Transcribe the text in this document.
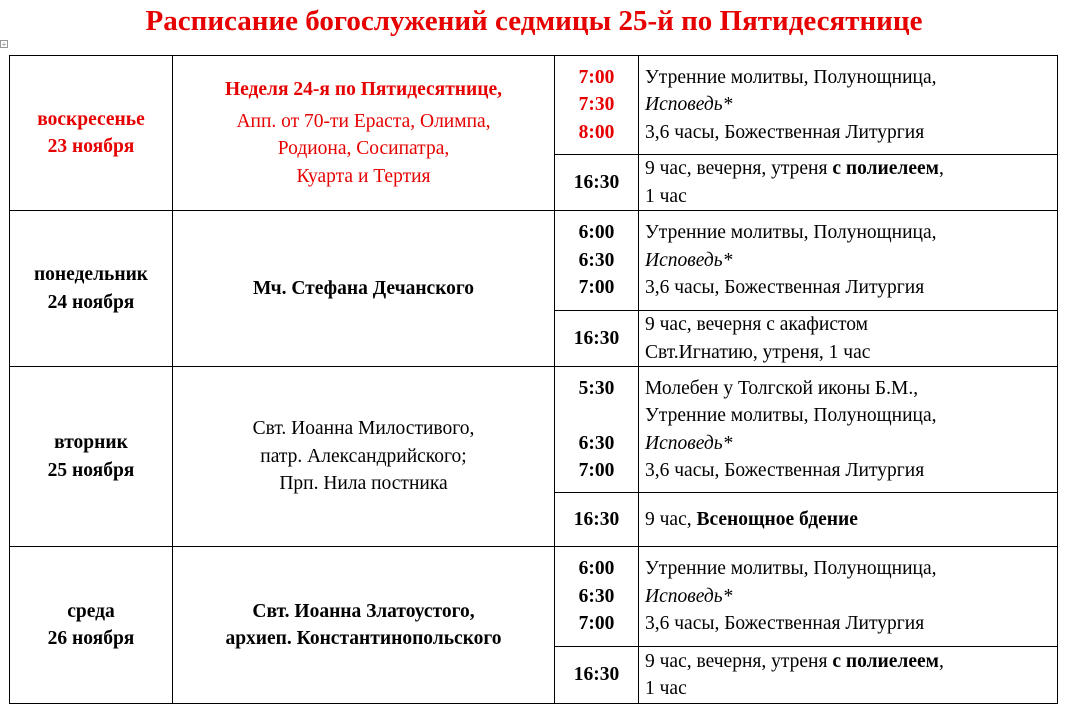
Расписание богослужений седмицы 25-й по Пятидесятнице
+
воскресенье
23 ноября	Неделя 24-я по Пятидесятнице,
Апп. от 70-ти Ераста, Олимпа,
Родиона, Сосипатра,
Куарта и Тертия	7:00
7:30
8:00	Утренние молитвы, Полунощница,
Исповедь*
3,6 часы, Божественная Литургия

		16:30	9 час, вечерня, утреня с полиелеем,
1 час

понедельник
24 ноября	Мч. Стефана Дечанского	6:00
6:30
7:00	Утренние молитвы, Полунощница,
Исповедь*
3,6 часы, Божественная Литургия

		16:30	9 час, вечерня с акафистом
Свт.Игнатию, утреня, 1 час

вторник
25 ноября	Свт. Иоанна Милостивого,
патр. Александрийского;
Прп. Нила постника	5:30
6:30
7:00	Молебен у Толгской иконы Б.М.,
Утренние молитвы, Полунощница,
Исповедь*
3,6 часы, Божественная Литургия

		16:30	9 час, Всенощное бдение

среда
26 ноября	Свт. Иоанна Златоустого,
архиеп. Константинопольского	6:00
6:30
7:00	Утренние молитвы, Полунощница,
Исповедь*
3,6 часы, Божественная Литургия

		16:30	9 час, вечерня, утреня с полиелеем,
1 час
